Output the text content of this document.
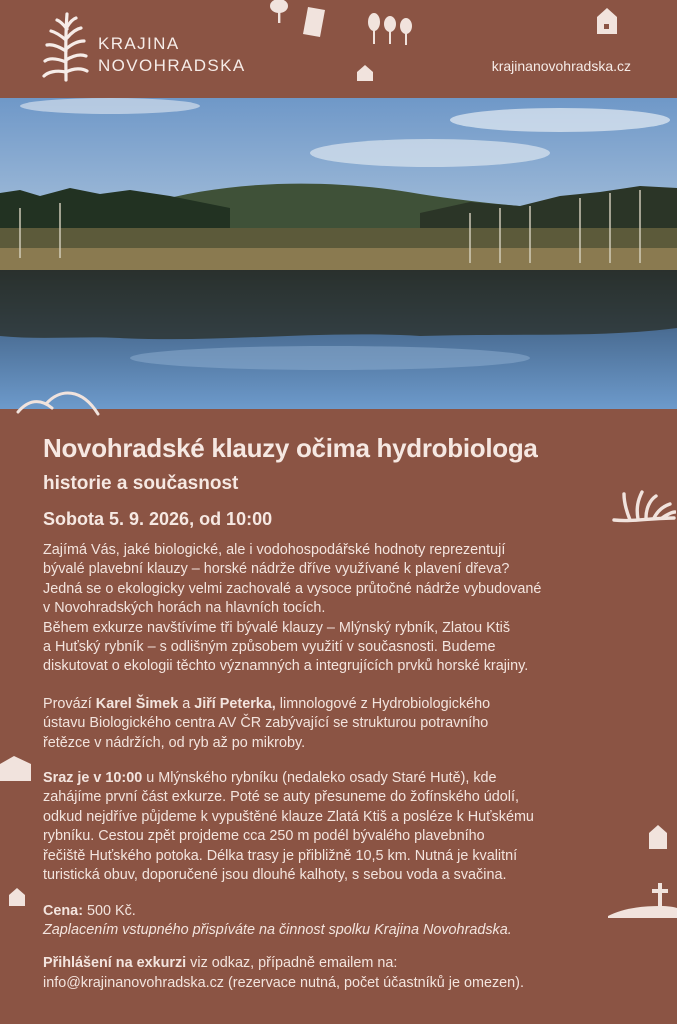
KRAJINA
NOVOHRADSKA	krajinanovohradska.cz
Novohradské klauzy očima hydrobiologa
historie a současnost
Sobota 5. 9. 2026, od 10:00
Zajímá Vás, jaké biologické, ale i vodohospodářské hodnoty reprezentují
bývalé plavební klauzy – horské nádrže dříve využívané k plavení dřeva?
Jedná se o ekologicky velmi zachovalé a vysoce průtočné nádrže vybudované
v Novohradských horách na hlavních tocích.
Během exkurze navštívíme tři bývalé klauzy – Mlýnský rybník, Zlatou Ktiš
a Huťský rybník – s odlišným způsobem využití v současnosti. Budeme
diskutovat o ekologii těchto významných a integrujících prvků horské krajiny.
Provází Karel Šimek a Jiří Peterka, limnologové z Hydrobiologického
ústavu Biologického centra AV ČR zabývající se strukturou potravního
řetězce v nádržích, od ryb až po mikroby.
Sraz je v 10:00 u Mlýnského rybníku (nedaleko osady Staré Hutě), kde
zahájíme první část exkurze. Poté se auty přesuneme do žofínského údolí,
odkud nejdříve půjdeme k vypuštěné klauze Zlatá Ktiš a posléze k Huťskému
rybníku. Cestou zpět projdeme cca 250 m podél bývalého plavebního
řečiště Huťského potoka. Délka trasy je přibližně 10,5 km. Nutná je kvalitní
turistická obuv, doporučené jsou dlouhé kalhoty, s sebou voda a svačina.
Cena: 500 Kč.
Zaplacením vstupného přispíváte na činnost spolku Krajina Novohradska.
Přihlášení na exkurzi viz odkaz, případně emailem na:
info@krajinanovohradska.cz (rezervace nutná, počet účastníků je omezen).
